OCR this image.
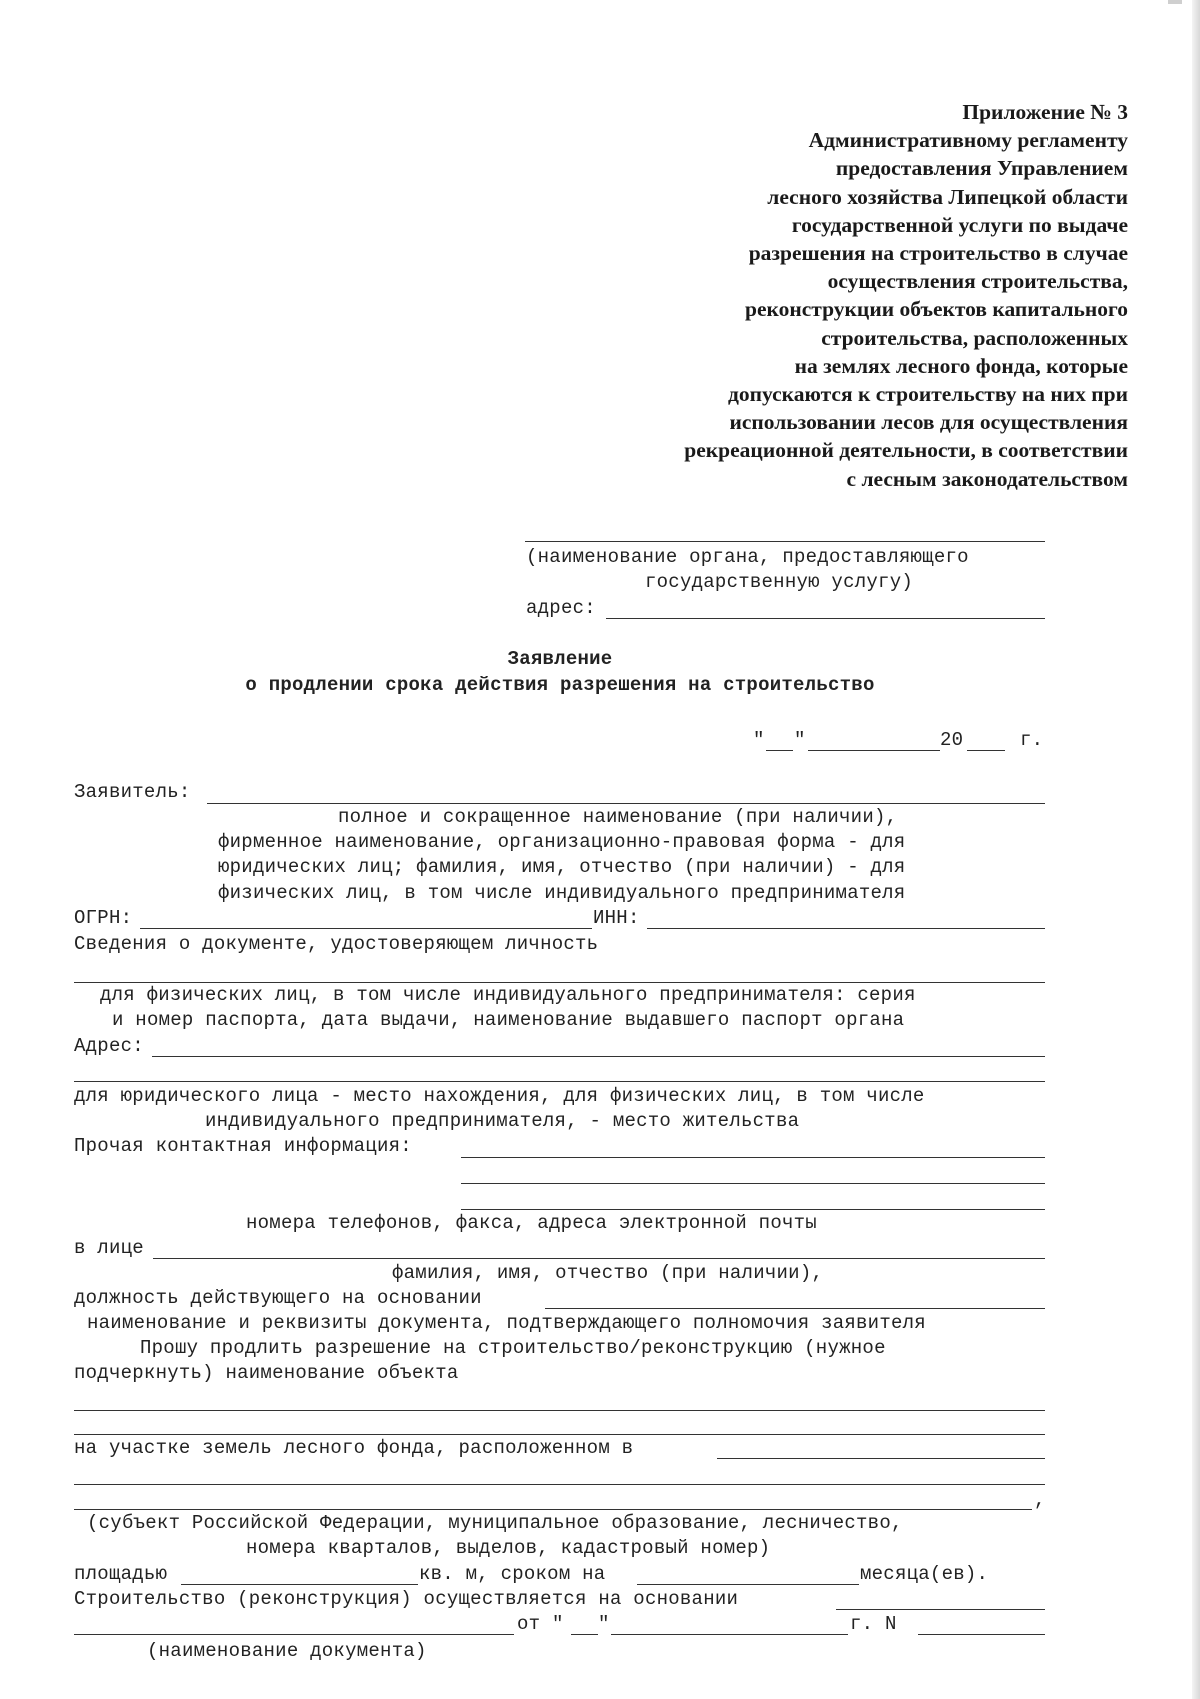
Приложение № 3
Административному регламенту
предоставления Управлением
лесного хозяйства Липецкой области
государственной услуги по выдаче
разрешения на строительство в случае
осуществления строительства,
реконструкции объектов капитального
строительства, расположенных
на землях лесного фонда, которые
допускаются к строительству на них при
использовании лесов для осуществления
рекреационной деятельности, в соответствии
с лесным законодательством
(наименование органа, предоставляющего
государственную услугу)
адрес:
Заявление
о продлении срока действия разрешения на строительство
" "	20	г.
Заявитель:
полное и сокращенное наименование (при наличии),
фирменное наименование, организационно-правовая форма - для
юридических лиц; фамилия, имя, отчество (при наличии) - для
физических лиц, в том числе индивидуального предпринимателя
ОГРН:	ИНН:
Сведения о документе, удостоверяющем личность
для физических лиц, в том числе индивидуального предпринимателя: серия
и номер паспорта, дата выдачи, наименование выдавшего паспорт органа
Адрес:
для юридического лица - место нахождения, для физических лиц, в том числе
индивидуального предпринимателя, - место жительства
Прочая контактная информация:
номера телефонов, факса, адреса электронной почты
в лице
фамилия, имя, отчество (при наличии),
должность действующего на основании
наименование и реквизиты документа, подтверждающего полномочия заявителя
Прошу продлить разрешение на строительство/реконструкцию (нужное
подчеркнуть) наименование объекта
на участке земель лесного фонда, расположенном в
,
(субъект Российской Федерации, муниципальное образование, лесничество,
номера кварталов, выделов, кадастровый номер)
площадью	кв. м, сроком на	месяца(ев).
Строительство (реконструкция) осуществляется на основании
от " "	г. N
(наименование документа)
